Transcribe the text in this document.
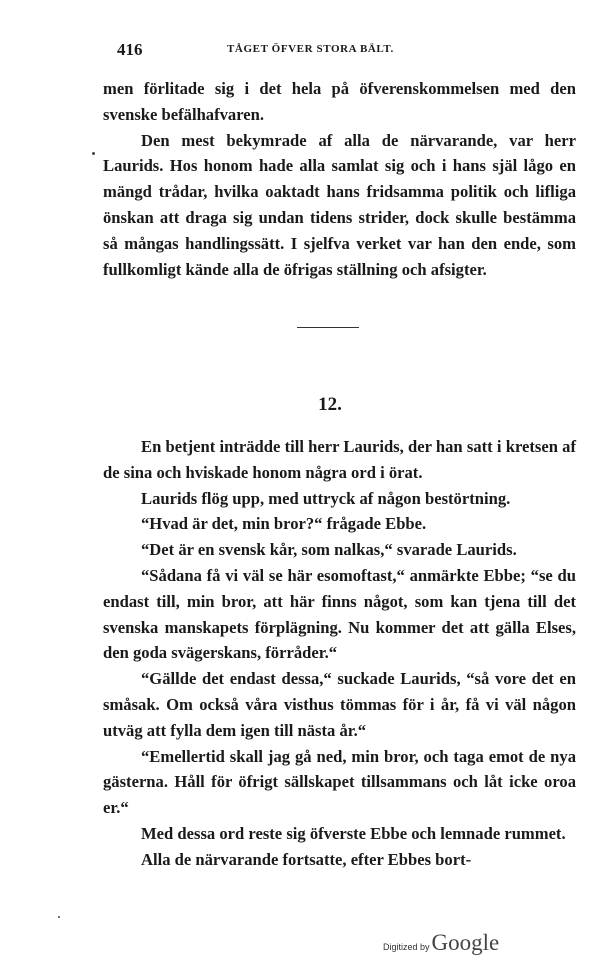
416	TÅGET ÖFVER STORA BÄLT.

men förlitade sig i det hela på öfverenskommelsen med den svenske befälhafvaren.

Den mest bekymrade af alla de närvarande, var herr Laurids. Hos honom hade alla samlat sig och i hans själ lågo en mängd trådar, hvilka oaktadt hans fridsamma politik och lifliga önskan att draga sig undan tidens strider, dock skulle bestämma så mångas handlingssätt. I sjelfva verket var han den ende, som fullkomligt kände alla de öfrigas ställning och afsigter.

12.

En betjent inträdde till herr Laurids, der han satt i kretsen af de sina och hviskade honom några ord i örat.

Laurids flög upp, med uttryck af någon bestörtning.

“Hvad är det, min bror?“ frågade Ebbe.

“Det är en svensk kår, som nalkas,“ svarade Laurids.

“Sådana få vi väl se här esomoftast,“ anmärkte Ebbe; “se du endast till, min bror, att här finns något, som kan tjena till det svenska manskapets förplägning. Nu kommer det att gälla Elses, den goda svägerskans, förråder.“

“Gällde det endast dessa,“ suckade Laurids, “så vore det en småsak. Om också våra visthus tömmas för i år, få vi väl någon utväg att fylla dem igen till nästa år.“

“Emellertid skall jag gå ned, min bror, och taga emot de nya gästerna. Håll för öfrigt sällskapet tillsammans och låt icke oroa er.“

Med dessa ord reste sig öfverste Ebbe och lemnade rummet.

Alla de närvarande fortsatte, efter Ebbes bort-

Digitized by Google
